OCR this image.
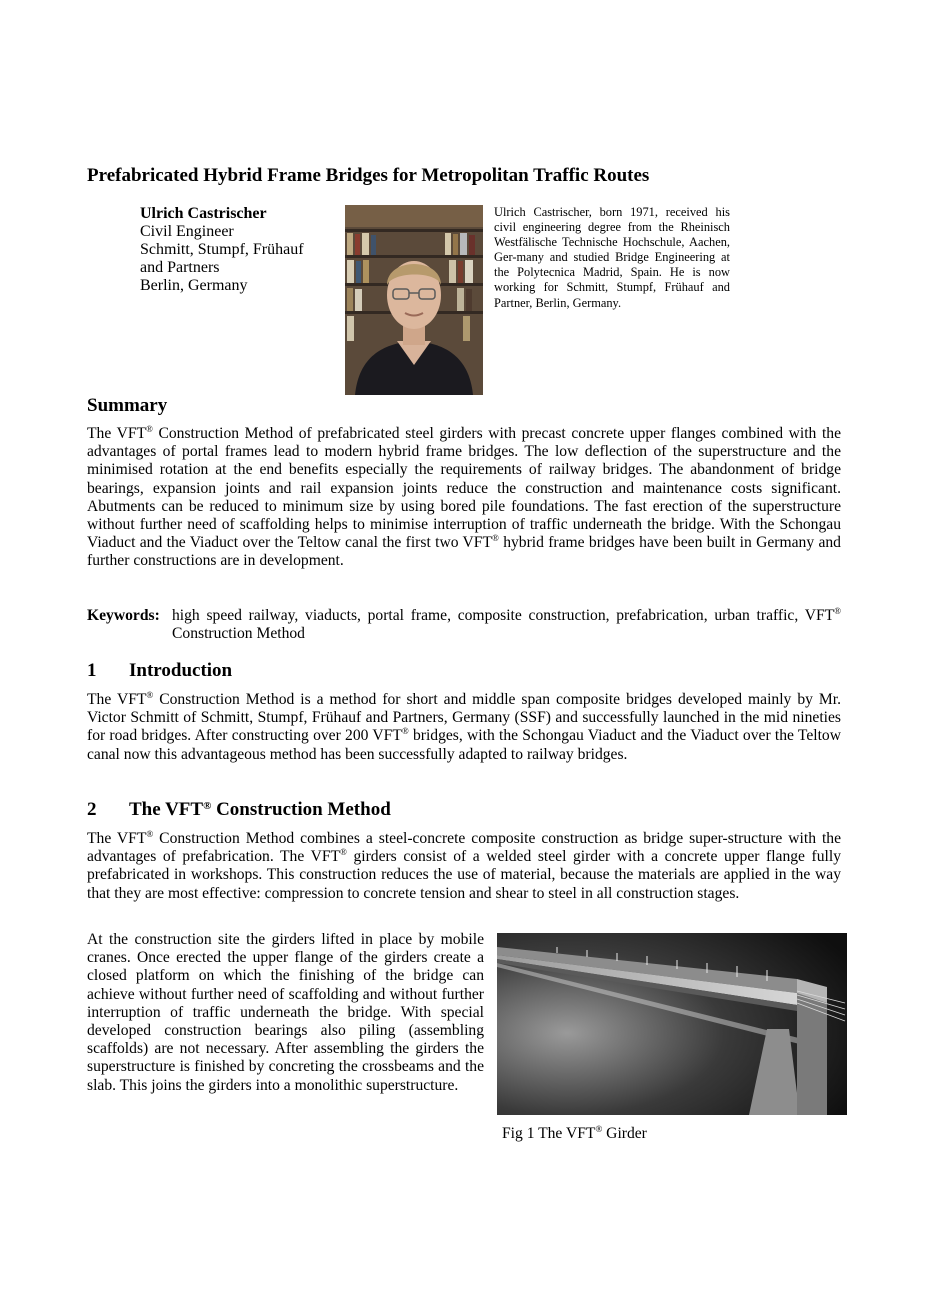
Prefabricated Hybrid Frame Bridges for Metropolitan Traffic Routes
Ulrich Castrischer
Civil Engineer
Schmitt, Stumpf, Frühauf
and Partners
Berlin, Germany
Ulrich Castrischer, born 1971, received his civil engineering degree from the Rheinisch Westfälische Technische Hochschule, Aachen, Ger-many and studied Bridge Engineering at the Polytecnica Madrid, Spain. He is now working for Schmitt, Stumpf, Frühauf and Partner, Berlin, Germany.
Summary
The VFT® Construction Method of prefabricated steel girders with precast concrete upper flanges combined with the advantages of portal frames lead to modern hybrid frame bridges. The low deflection of the superstructure and the minimised rotation at the end benefits especially the requirements of railway bridges. The abandonment of bridge bearings, expansion joints and rail expansion joints reduce the construction and maintenance costs significant. Abutments can be reduced to minimum size by using bored pile foundations. The fast erection of the superstructure without further need of scaffolding helps to minimise interruption of traffic underneath the bridge. With the Schongau Viaduct and the Viaduct over the Teltow canal the first two VFT® hybrid frame bridges have been built in Germany and further constructions are in development.
Keywords: high speed railway, viaducts, portal frame, composite construction, prefabrication, urban traffic, VFT® Construction Method
1 Introduction
The VFT® Construction Method is a method for short and middle span composite bridges developed mainly by Mr. Victor Schmitt of Schmitt, Stumpf, Frühauf and Partners, Germany (SSF) and successfully launched in the mid nineties for road bridges. After constructing over 200 VFT® bridges, with the Schongau Viaduct and the Viaduct over the Teltow canal now this advantageous method has been successfully adapted to railway bridges.
2 The VFT® Construction Method
The VFT® Construction Method combines a steel-concrete composite construction as bridge super-structure with the advantages of prefabrication. The VFT® girders consist of a welded steel girder with a concrete upper flange fully prefabricated in workshops. This construction reduces the use of material, because the materials are applied in the way that they are most effective: compression to concrete tension and shear to steel in all construction stages.
At the construction site the girders lifted in place by mobile cranes. Once erected the upper flange of the girders create a closed platform on which the finishing of the bridge can achieve without further need of scaffolding and without further interruption of traffic underneath the bridge. With special developed construction bearings also piling (assembling scaffolds) are not necessary. After assembling the girders the superstructure is finished by concreting the crossbeams and the slab. This joins the girders into a monolithic superstructure.
Fig 1 The VFT® Girder
